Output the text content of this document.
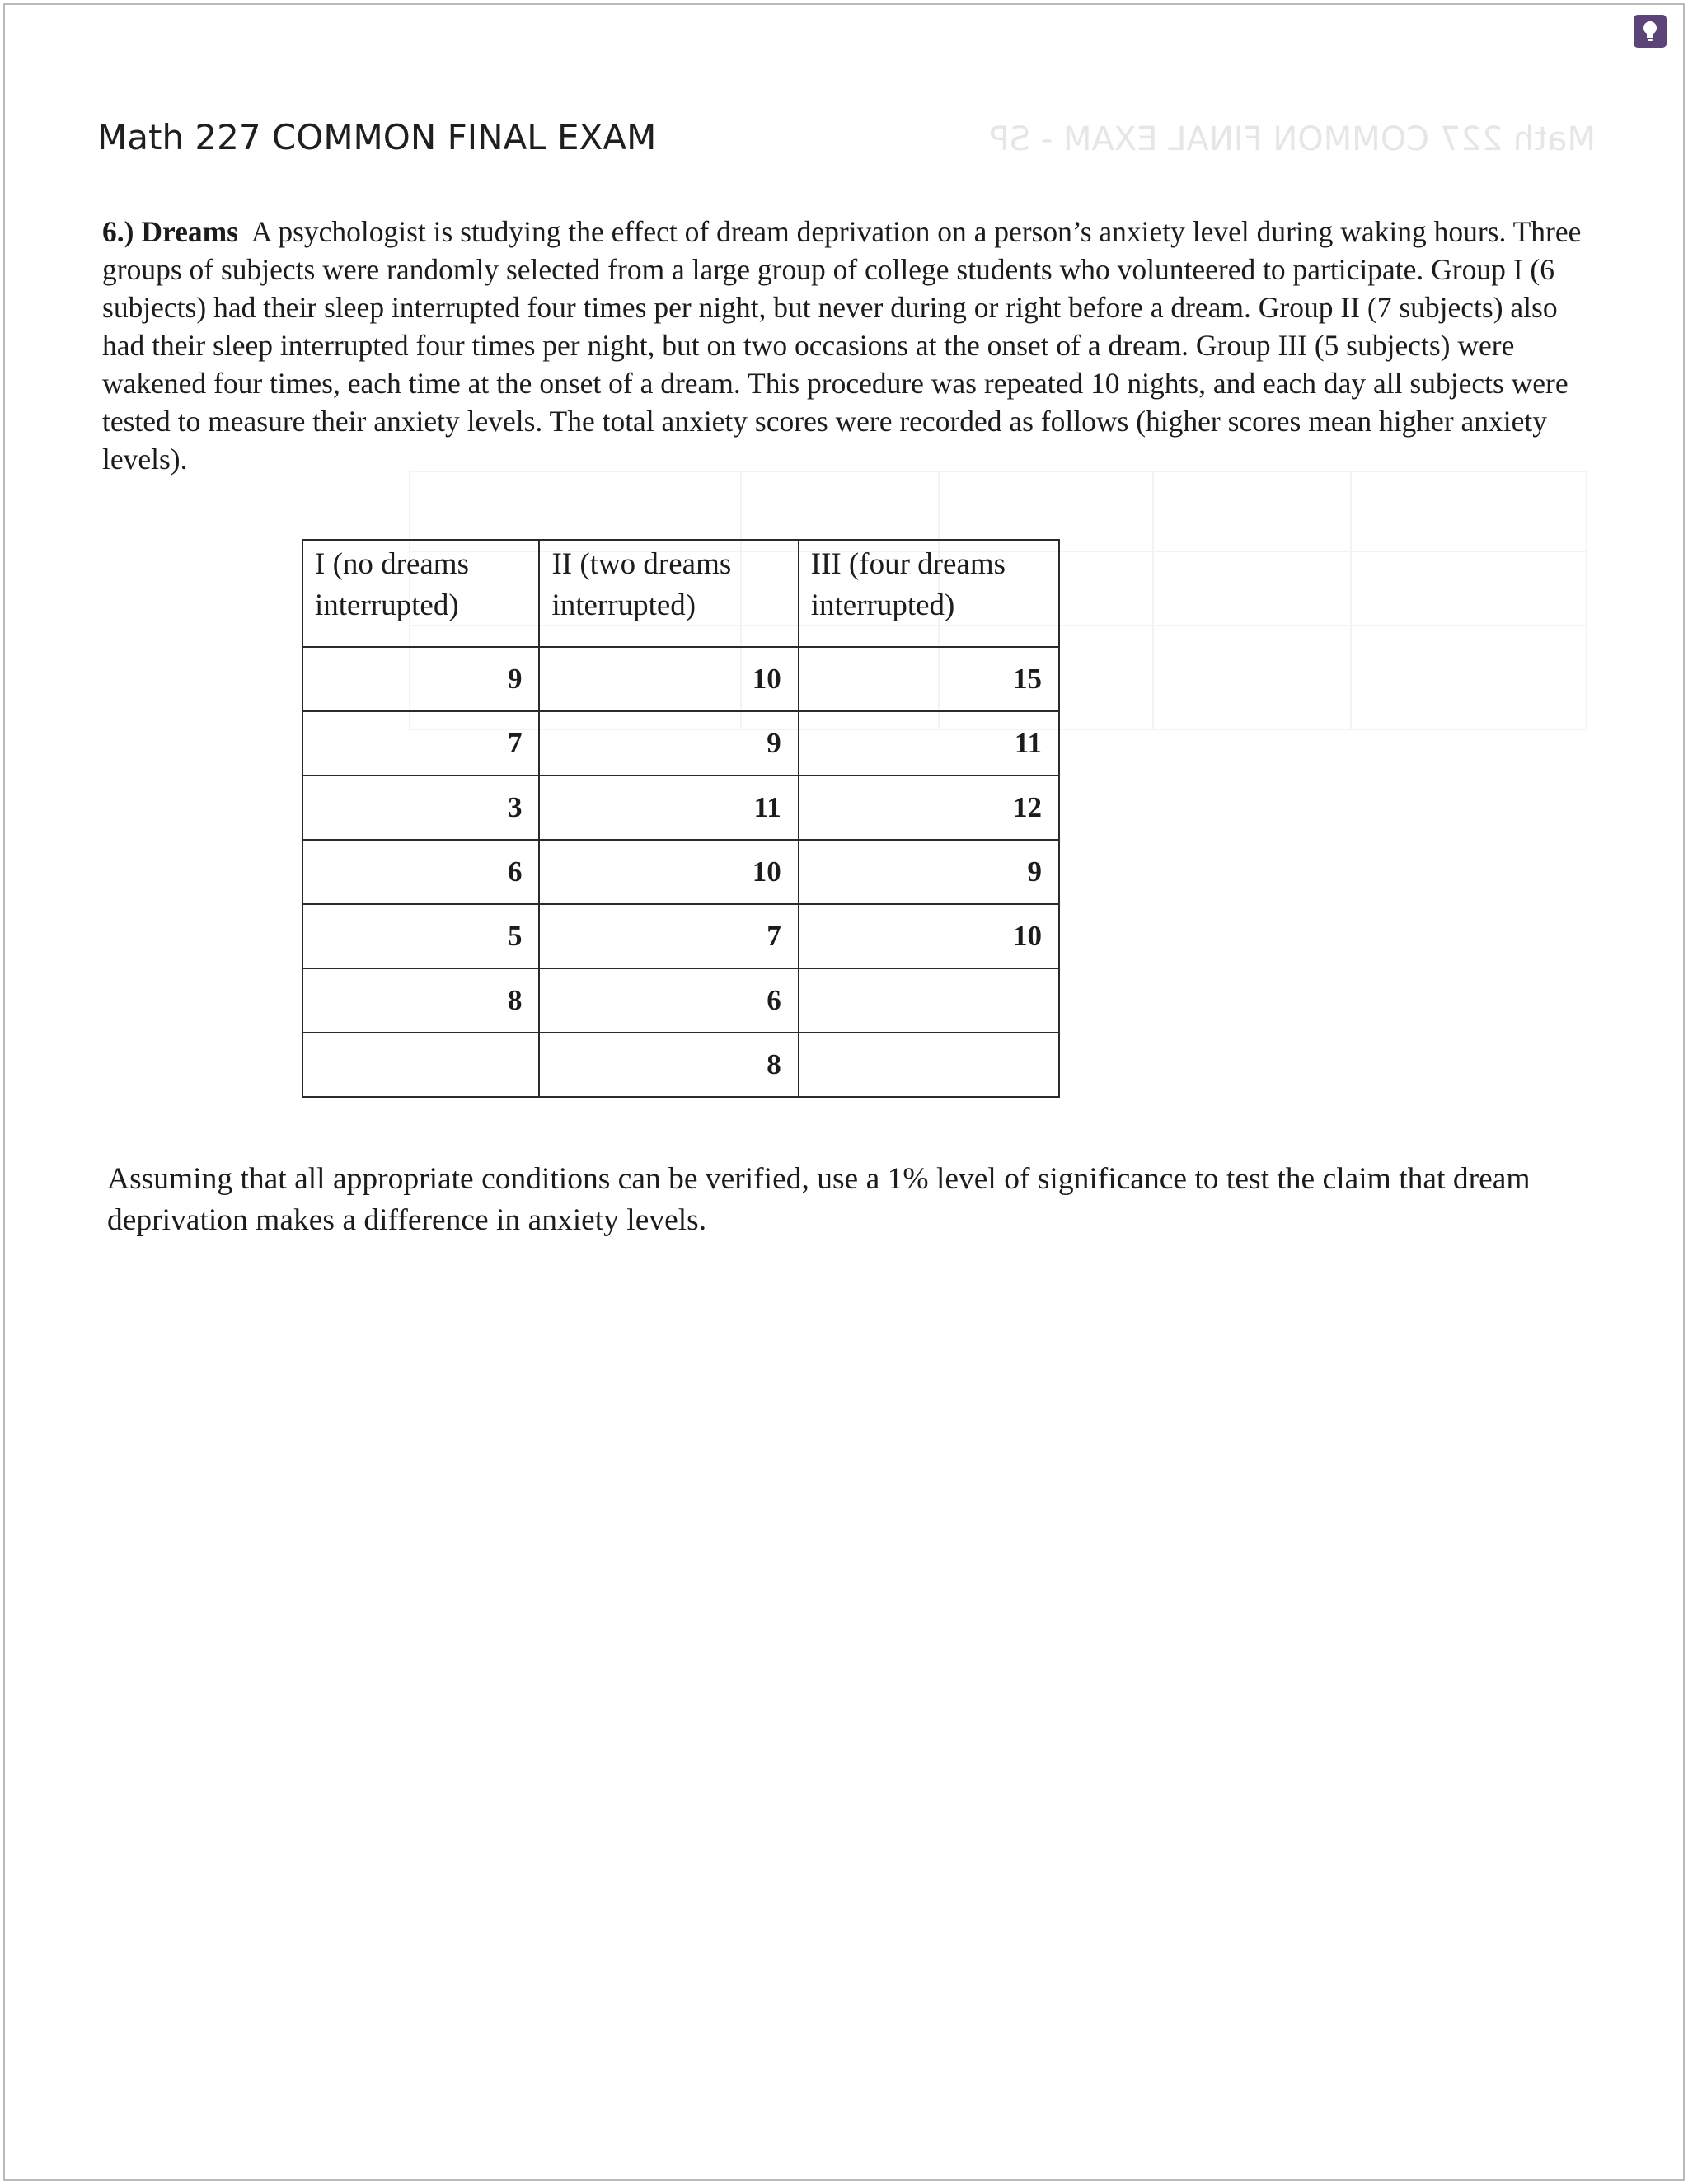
Math 227 COMMON FINAL EXAM - SP
Math 227 COMMON FINAL EXAM

6.) Dreams A psychologist is studying the effect of dream deprivation on a person’s anxiety level during waking hours. Three groups of subjects were randomly selected from a large group of college students who volunteered to participate. Group I (6 subjects) had their sleep interrupted four times per night, but never during or right before a dream. Group II (7 subjects) also had their sleep interrupted four times per night, but on two occasions at the onset of a dream. Group III (5 subjects) were wakened four times, each time at the onset of a dream. This procedure was repeated 10 nights, and each day all subjects were tested to measure their anxiety levels. The total anxiety scores were recorded as follows (higher scores mean higher anxiety levels).

I (no dreams interrupted)	II (two dreams interrupted)	III (four dreams interrupted)
9	10	15
7	9	11
3	11	12
6	10	9
5	7	10
8	6	
	8	

Assuming that all appropriate conditions can be verified, use a 1% level of significance to test the claim that dream deprivation makes a difference in anxiety levels.
